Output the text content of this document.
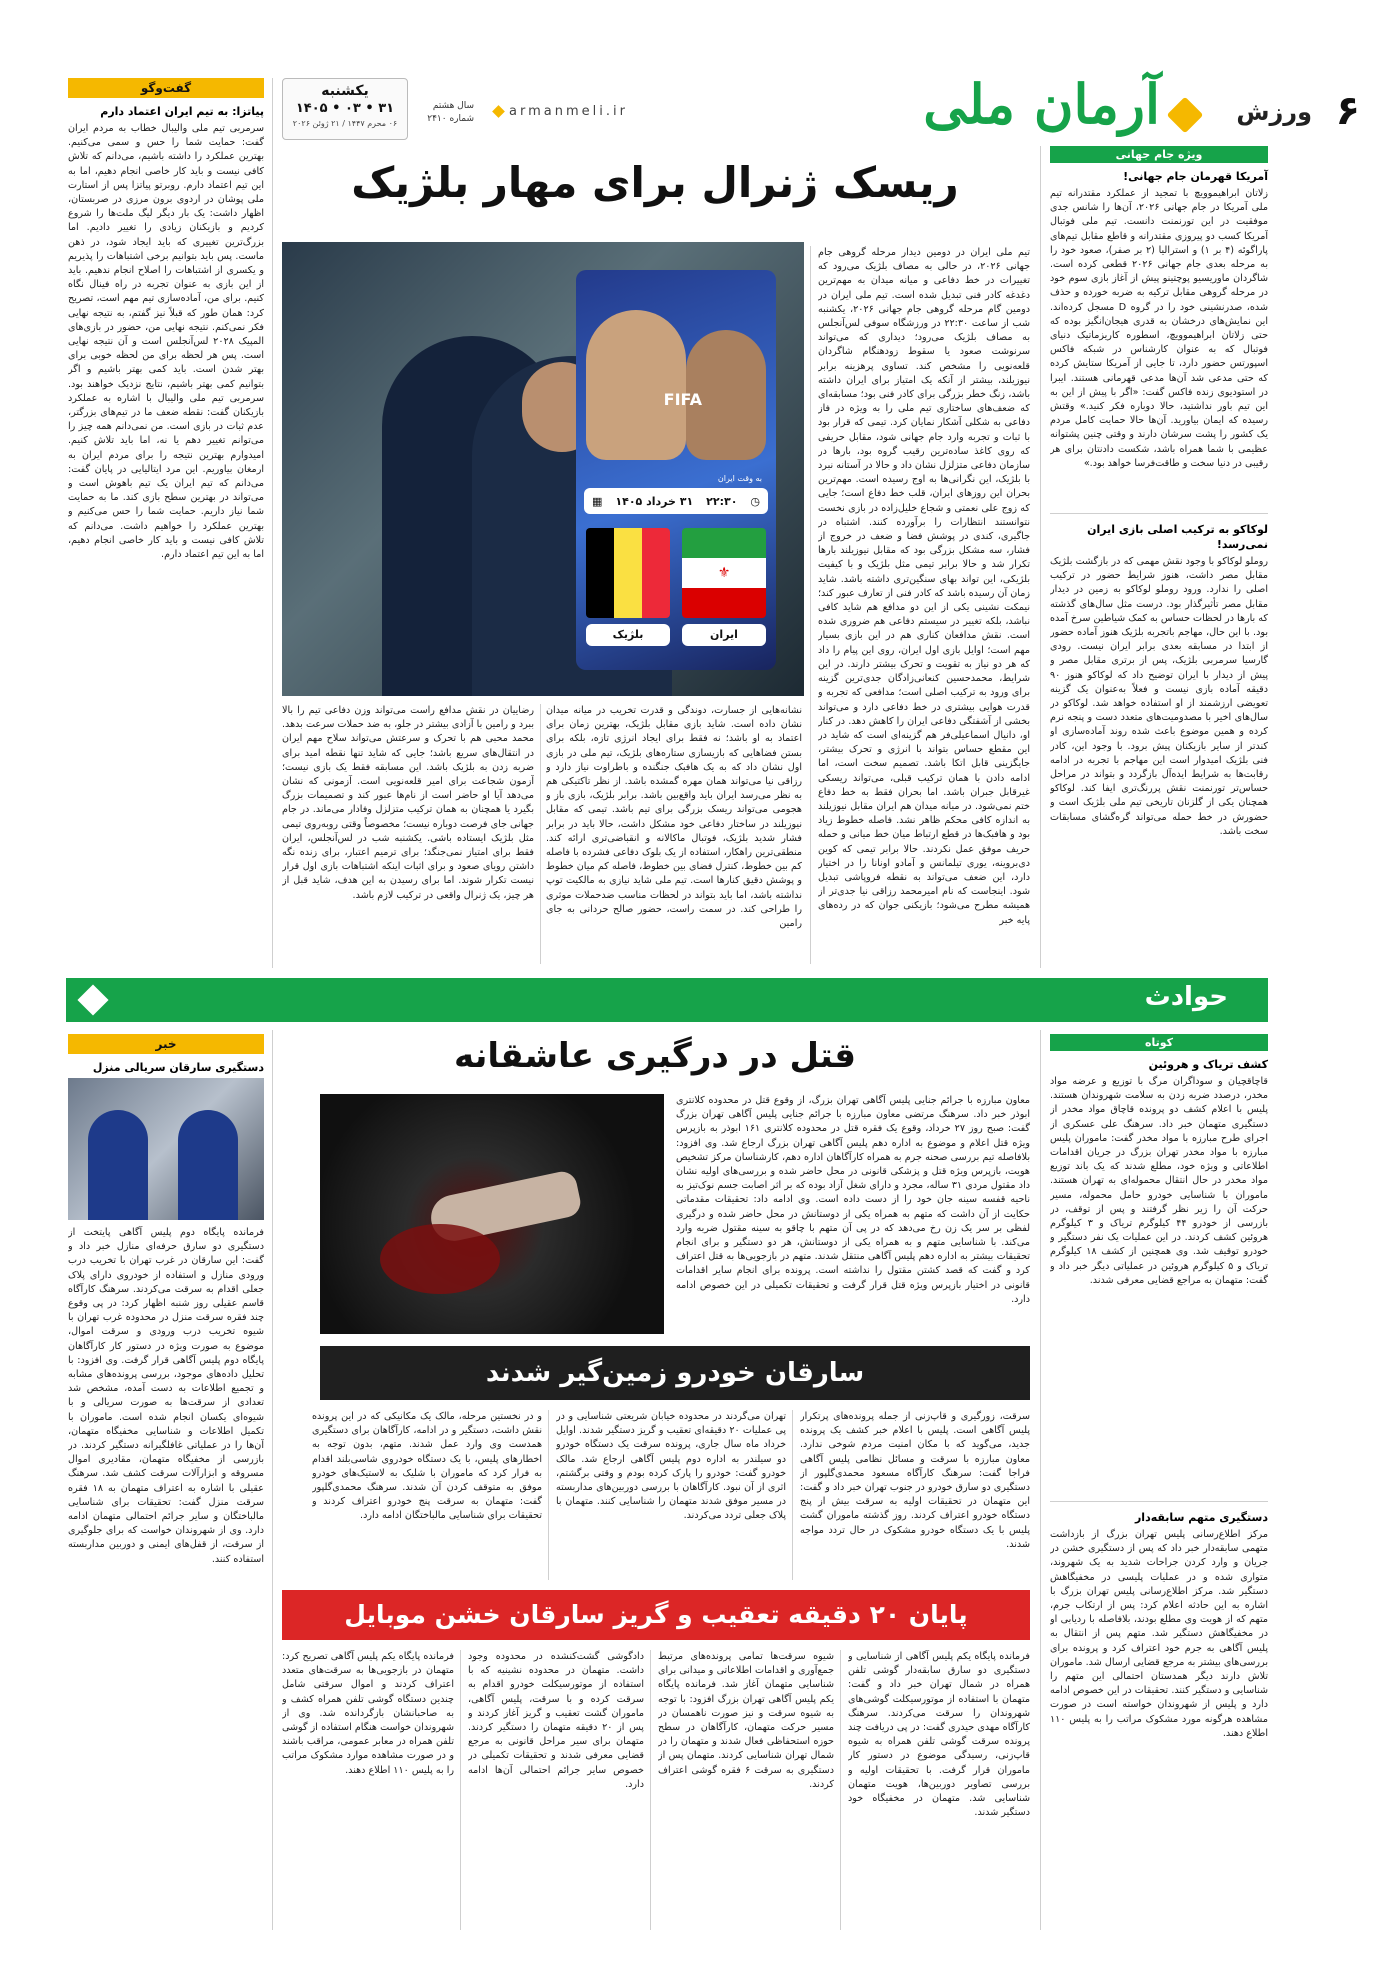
۶
ورزش
آرمان ملی
armanmeli.ir
سال هشتم
شماره ۲۴۱۰
یکشنبه
۳۱ • ۰۳ • ۱۴۰۵
۰۶ محرم ۱۴۴۷ / ۲۱ ژوئن ۲۰۲۶
ویژه جام جهانی
آمریکا قهرمان جام جهانی!
زلاتان ابراهیموویچ با تمجید از عملکرد مقتدرانه تیم ملی آمریکا در جام جهانی ۲۰۲۶، آن‌ها را شانس جدی موفقیت در این تورنمنت دانست. تیم ملی فوتبال آمریکا کسب دو پیروزی مقتدرانه و قاطع مقابل تیم‌های پاراگوئه (۴ بر ۱) و استرالیا (۲ بر صفر)، صعود خود را به مرحله بعدی جام جهانی ۲۰۲۶ قطعی کرده است. شاگردان ماوریسیو پوچتینو پیش از آغاز بازی سوم خود در مرحله گروهی مقابل ترکیه به ضربه خورده و حذف شده، صدرنشینی خود را در گروه D مسجل کرده‌اند. این نمایش‌های درخشان به قدری هیجان‌انگیز بوده که حتی زلاتان ابراهیموویچ، اسطوره کاریزماتیک دنیای فوتبال که به عنوان کارشناس در شبکه فاکس اسپورتس حضور دارد، تا جایی از آمریکا ستایش کرده که حتی مدعی شد آن‌ها مدعی قهرمانی هستند. ایبرا در استودیوی زنده فاکس گفت: «اگر با پیش از این به این تیم باور نداشتید، حالا دوباره فکر کنید.» وقتش رسیده که ایمان بیاورید. آن‌ها حالا حمایت کامل مردم یک کشور را پشت سرشان دارند و وقتی چنین پشتوانه عظیمی با شما همراه باشد، شکست دادنتان برای هر رقیبی در دنیا سخت و طاقت‌فرسا خواهد بود.»
لوکاکو به ترکیب اصلی بازی ایران نمی‌رسد!
روملو لوکاکو با وجود نقش مهمی که در بازگشت بلژیک مقابل مصر داشت، هنوز شرایط حضور در ترکیب اصلی را ندارد. ورود روملو لوکاکو به زمین در دیدار مقابل مصر تأثیرگذار بود. درست مثل سال‌های گذشته که بارها در لحظات حساس به کمک شیاطین سرخ آمده بود. با این حال، مهاجم باتجربه بلژیک هنوز آماده حضور از ابتدا در مسابقه بعدی برابر ایران نیست. رودی گارسیا سرمربی بلژیک، پس از برتری مقابل مصر و پیش از دیدار با ایران توضیح داد که لوکاکو هنوز ۹۰ دقیقه آماده بازی نیست و فعلاً به‌عنوان یک گزینه تعویضی ارزشمند از او استفاده خواهد شد. لوکاکو در سال‌های اخیر با مصدومیت‌های متعدد دست و پنجه نرم کرده و همین موضوع باعث شده روند آماده‌سازی او کندتر از سایر بازیکنان پیش برود. با وجود این، کادر فنی بلژیک امیدوار است این مهاجم با تجربه در ادامه رقابت‌ها به شرایط ایده‌آل بازگردد و بتواند در مراحل حساس‌تر تورنمنت نقش پررنگ‌تری ایفا کند. لوکاکو همچنان یکی از گلزنان تاریخی تیم ملی بلژیک است و حضورش در خط حمله می‌تواند گره‌گشای مسابقات سخت باشد.
ریسک ژنرال برای مهار بلژیک
FIFA
◷
۲۲:۳۰
۳۱ خرداد ۱۴۰۵
▦
به وقت ایران
⚜
ایران
بلژیک
تیم ملی ایران در دومین دیدار مرحله گروهی جام جهانی ۲۰۲۶، در حالی به مصاف بلژیک می‌رود که تغییرات در خط دفاعی و میانه میدان به مهم‌ترین دغدغه کادر فنی تبدیل شده است. تیم ملی ایران در دومین گام مرحله گروهی جام جهانی ۲۰۲۶، یکشنبه شب از ساعت ۲۲:۳۰ در ورزشگاه سوفی لس‌آنجلس به مصاف بلژیک می‌رود؛ دیداری که می‌تواند سرنوشت صعود یا سقوط زودهنگام شاگردان قلعه‌نویی را مشخص کند. تساوی پرهزینه برابر نیوزیلند، بیشتر از آنکه یک امتیاز برای ایران داشته باشد، زنگ خطر بزرگی برای کادر فنی بود؛ مسابقه‌ای که ضعف‌های ساختاری تیم ملی را به ویژه در فاز دفاعی به شکلی آشکار نمایان کرد. تیمی که قرار بود با ثبات و تجربه وارد جام جهانی شود، مقابل حریفی که روی کاغذ ساده‌ترین رقیب گروه بود، بارها در سازمان دفاعی متزلزل نشان داد و حالا در آستانه نبرد با بلژیک، این نگرانی‌ها به اوج رسیده است. مهم‌ترین بحران این روزهای ایران، قلب خط دفاع است؛ جایی که زوج علی نعمتی و شجاع خلیل‌زاده در بازی نخست نتوانستند انتظارات را برآورده کنند. اشتباه در جاگیری، کندی در پوشش فضا و ضعف در خروج از فشار، سه مشکل بزرگی بود که مقابل نیوزیلند بارها تکرار شد و حالا برابر تیمی مثل بلژیک و با کیفیت بلژیکی، این تواند بهای سنگین‌تری داشته باشد. شاید زمان آن رسیده باشد که کادر فنی از تعارف عبور کند؛ نیمکت نشینی یکی از این دو مدافع هم شاید کافی نباشد، بلکه تغییر در سیستم دفاعی هم ضروری شده است. نقش مدافعان کناری هم در این بازی بسیار مهم است؛ اوایل بازی اول ایران، روی این پیام را داد که هر دو نیاز به تقویت و تحرک بیشتر دارند. در این شرایط، محمدحسین کنعانی‌زادگان جدی‌ترین گزینه برای ورود به ترکیب اصلی است؛ مدافعی که تجربه و قدرت هوایی بیشتری در خط دفاعی دارد و می‌تواند بخشی از آشفتگی دفاعی ایران را کاهش دهد. در کنار او، دانیال اسماعیلی‌فر هم گزینه‌ای است که شاید در این مقطع حساس بتواند با انرژی و تحرک بیشتر، جایگزینی قابل اتکا باشد. تصمیم سخت است، اما ادامه دادن با همان ترکیب قبلی، می‌تواند ریسکی غیرقابل جبران باشد. اما بحران فقط به خط دفاع ختم نمی‌شود. در میانه میدان هم ایران مقابل نیوزیلند به اندازه کافی محکم ظاهر نشد. فاصله خطوط زیاد بود و هافبک‌ها در قطع ارتباط میان خط میانی و حمله حریف موفق عمل نکردند. حالا برابر تیمی که کوین دی‌بروینه، یوری تیلمانس و آمادو اونانا را در اختیار دارد، این ضعف می‌تواند به نقطه فروپاشی تبدیل شود. اینجاست که نام امیرمحمد رزاقی نیا جدی‌تر از همیشه مطرح می‌شود؛ بازیکنی جوان که در رده‌های پایه خبر
نشانه‌هایی از جسارت، دوندگی و قدرت تخریب در میانه میدان نشان داده است. شاید بازی مقابل بلژیک، بهترین زمان برای اعتماد به او باشد؛ نه فقط برای ایجاد انرژی تازه، بلکه برای بستن فضاهایی که بازیسازی ستاره‌های بلژیک، تیم ملی در بازی اول نشان داد که به یک هافبک جنگنده و باطراوت نیاز دارد و رزاقی نیا می‌تواند همان مهره گمشده باشد. از نظر تاکتیکی هم به نظر می‌رسد ایران باید واقع‌بین باشد. برابر بلژیک، بازی باز و هجومی می‌تواند ریسک بزرگی برای تیم باشد. تیمی که مقابل نیوزیلند در ساختار دفاعی خود مشکل داشت، حالا باید در برابر فشار شدید بلژیک، فوتبال ماکالانه و انقباضی‌تری ارائه کند. منطقی‌ترین راهکار، استفاده از یک بلوک دفاعی فشرده با فاصله کم بین خطوط، کنترل فضای بین خطوط، فاصله کم میان خطوط و پوشش دقیق کنارها است. تیم ملی شاید نیازی به مالکیت توپ نداشته باشد، اما باید بتواند در لحظات مناسب ضدحملات موثری را طراحی کند. در سمت راست، حضور صالح حردانی به جای رامین
رضاییان در نقش مدافع راست می‌تواند وزن دفاعی تیم را بالا ببرد و رامین با آزادی بیشتر در جلو، به ضد حملات سرعت بدهد. محمد محبی هم با تحرک و سرعتش می‌تواند سلاح مهم ایران در انتقال‌های سریع باشد؛ جایی که شاید تنها نقطه امید برای ضربه زدن به بلژیک باشد. این مسابقه فقط یک بازی نیست؛ آزمون شجاعت برای امیر قلعه‌نویی است. آزمونی که نشان می‌دهد آیا او حاضر است از نام‌ها عبور کند و تصمیمات بزرگ بگیرد یا همچنان به همان ترکیب متزلزل وفادار می‌ماند. در جام جهانی جای فرصت دوباره نیست؛ مخصوصاً وقتی روبه‌روی تیمی مثل بلژیک ایستاده باشی. یکشنبه شب در لس‌آنجلس، ایران فقط برای امتیاز نمی‌جنگد؛ برای ترمیم اعتبار، برای زنده نگه داشتن رویای صعود و برای اثبات اینکه اشتباهات بازی اول قرار نیست تکرار شوند. اما برای رسیدن به این هدف، شاید قبل از هر چیز، یک ژنرال واقعی در ترکیب لازم باشد.
گفت‌وگو
پیاتزا: به تیم ایران اعتماد دارم
سرمربی تیم ملی والیبال خطاب به مردم ایران گفت: حمایت شما را حس و سمی می‌کنیم. بهترین عملکرد را داشته باشیم، می‌دانم که تلاش کافی نیست و باید کار خاصی انجام دهیم، اما به این تیم اعتماد دارم. روبرتو پیاتزا پس از استارت ملی پوشان در اردوی برون مرزی در صربستان، اظهار داشت: یک بار دیگر لیگ ملت‌ها را شروع کردیم و بازیکنان زیادی را تغییر دادیم. اما بزرگ‌ترین تغییری که باید ایجاد شود، در ذهن ماست. پس باید بتوانیم برخی اشتباهات را پذیریم و یکسری از اشتباهات را اصلاح انجام ندهیم. باید از این بازی به عنوان تجربه در راه فینال نگاه کنیم. برای من، آماده‌سازی تیم مهم است، تصریح کرد: همان طور که قبلاً نیز گفتم، به نتیجه نهایی فکر نمی‌کنم. نتیجه نهایی من، حضور در بازی‌های المپیک ۲۰۲۸ لس‌آنجلس است و آن نتیجه نهایی است. پس هر لحظه برای من لحظه خوبی برای بهتر شدن است. باید کمی بهتر باشیم و اگر بتوانیم کمی بهتر باشیم، نتایج نزدیک خواهند بود. سرمربی تیم ملی والیبال با اشاره به عملکرد بازیکنان گفت: نقطه ضعف ما در تیم‌های بزرگتر، عدم ثبات در بازی است. من نمی‌دانم همه چیز را می‌توانم تغییر دهم یا نه، اما باید تلاش کنیم. امیدوارم بهترین نتیجه را برای مردم ایران به ارمغان بیاوریم. این مرد ایتالیایی در پایان گفت: می‌دانم که تیم ایران یک تیم باهوش است و می‌تواند در بهترین سطح بازی کند. ما به حمایت شما نیاز داریم. حمایت شما را حس می‌کنیم و بهترین عملکرد را خواهیم داشت. می‌دانم که تلاش کافی نیست و باید کار خاصی انجام دهیم، اما به این تیم اعتماد دارم.
حوادث
کوتاه
کشف تریاک و هروئین
قاچاقچیان و سوداگران مرگ با توزیع و عرضه مواد مخدر، درصدد ضربه زدن به سلامت شهروندان هستند. پلیس با اعلام کشف دو پرونده قاچاق مواد مخدر از دستگیری متهمان خبر داد. سرهنگ علی عسکری از اجرای طرح مبارزه با مواد مخدر گفت: ماموران پلیس مبارزه با مواد مخدر تهران بزرگ در جریان اقدامات اطلاعاتی و ویژه خود، مطلع شدند که یک باند توزیع مواد مخدر در حال انتقال محموله‌ای به تهران هستند. ماموران با شناسایی خودرو حامل محموله، مسیر حرکت آن را زیر نظر گرفتند و پس از توقف، در بازرسی از خودرو ۴۴ کیلوگرم تریاک و ۳ کیلوگرم هروئین کشف کردند. در این عملیات یک نفر دستگیر و خودرو توقیف شد. وی همچنین از کشف ۱۸ کیلوگرم تریاک و ۵ کیلوگرم هروئین در عملیاتی دیگر خبر داد و گفت: متهمان به مراجع قضایی معرفی شدند.
دستگیری متهم سابقه‌دار
مرکز اطلاع‌رسانی پلیس تهران بزرگ از بازداشت متهمی سابقه‌دار خبر داد که پس از دستگیری خشن در جریان و وارد کردن جراحات شدید به یک شهروند، متواری شده و در عملیات پلیسی در مخفیگاهش دستگیر شد. مرکز اطلاع‌رسانی پلیس تهران بزرگ با اشاره به این حادثه اعلام کرد: پس از ارتکاب جرم، متهم که از هویت وی مطلع بودند، بلافاصله با ردیابی او در مخفیگاهش دستگیر شد. متهم پس از انتقال به پلیس آگاهی به جرم خود اعتراف کرد و پرونده برای بررسی‌های بیشتر به مرجع قضایی ارسال شد. ماموران تلاش دارند دیگر همدستان احتمالی این متهم را شناسایی و دستگیر کنند. تحقیقات در این خصوص ادامه دارد و پلیس از شهروندان خواسته است در صورت مشاهده هرگونه مورد مشکوک مراتب را به پلیس ۱۱۰ اطلاع دهند.
قتل در درگیری عاشقانه
معاون مبارزه با جرائم جنایی پلیس آگاهی تهران بزرگ، از وقوع قتل در محدوده کلانتری ابوذر خبر داد. سرهنگ مرتضی معاون مبارزه با جرائم جنایی پلیس آگاهی تهران بزرگ گفت: صبح روز ۲۷ خرداد، وقوع یک فقره قتل در محدوده کلانتری ۱۶۱ ابوذر به بازپرس ویژه قتل اعلام و موضوع به اداره دهم پلیس آگاهی تهران بزرگ ارجاع شد. وی افزود: بلافاصله تیم بررسی صحنه جرم به همراه کارآگاهان اداره دهم، کارشناسان مرکز تشخیص هویت، بازپرس ویژه قتل و پزشکی قانونی در محل حاضر شده و بررسی‌های اولیه نشان داد مقتول مردی ۳۱ ساله، مجرد و دارای شغل آزاد بوده که بر اثر اصابت جسم نوک‌تیز به ناحیه قفسه سینه جان خود را از دست داده است. وی ادامه داد: تحقیقات مقدماتی حکایت از آن داشت که متهم به همراه یکی از دوستانش در محل حاضر شده و درگیری لفظی بر سر یک زن رخ می‌دهد که در پی آن متهم با چاقو به سینه مقتول ضربه وارد می‌کند. با شناسایی متهم و به همراه یکی از دوستانش، هر دو دستگیر و برای انجام تحقیقات بیشتر به اداره دهم پلیس آگاهی منتقل شدند. متهم در بازجویی‌ها به قتل اعتراف کرد و گفت که قصد کشتن مقتول را نداشته است. پرونده برای انجام سایر اقدامات قانونی در اختیار بازپرس ویژه قتل قرار گرفت و تحقیقات تکمیلی در این خصوص ادامه دارد.
خبر
دستگیری سارقان سریالی منزل
فرمانده پایگاه دوم پلیس آگاهی پایتخت از دستگیری دو سارق حرفه‌ای منازل خبر داد و گفت: این سارقان در غرب تهران با تخریب درب ورودی منازل و استفاده از خودروی دارای پلاک جعلی اقدام به سرقت می‌کردند. سرهنگ کارآگاه قاسم عقیلی روز شنبه اظهار کرد: در پی وقوع چند فقره سرقت منزل در محدوده غرب تهران با شیوه تخریب درب ورودی و سرقت اموال، موضوع به صورت ویژه در دستور کار کارآگاهان پایگاه دوم پلیس آگاهی قرار گرفت. وی افزود: با تحلیل داده‌های موجود، بررسی پرونده‌های مشابه و تجمیع اطلاعات به دست آمده، مشخص شد تعدادی از سرقت‌ها به صورت سریالی و با شیوه‌ای یکسان انجام شده است. ماموران با تکمیل اطلاعات و شناسایی مخفیگاه متهمان، آن‌ها را در عملیاتی غافلگیرانه دستگیر کردند. در بازرسی از مخفیگاه متهمان، مقادیری اموال مسروقه و ابزارآلات سرقت کشف شد. سرهنگ عقیلی با اشاره به اعتراف متهمان به ۱۸ فقره سرقت منزل گفت: تحقیقات برای شناسایی مالباختگان و سایر جرائم احتمالی متهمان ادامه دارد. وی از شهروندان خواست که برای جلوگیری از سرقت، از قفل‌های ایمنی و دوربین مداربسته استفاده کنند.
سارقان خودرو زمین‌گیر شدند
سرقت، زورگیری و قاپ‌زنی از جمله پرونده‌های پرتکرار پلیس آگاهی است. پلیس با اعلام خبر کشف یک پرونده جدید، می‌گوید که با مکان امنیت مردم شوخی ندارد. معاون مبارزه با سرقت و مسائل نظامی پلیس آگاهی فراجا گفت: سرهنگ کارآگاه مسعود محمدی‌گلپور از دستگیری دو سارق خودرو در جنوب تهران خبر داد و گفت: این متهمان در تحقیقات اولیه به سرقت بیش از پنج دستگاه خودرو اعتراف کردند. روز گذشته ماموران گشت پلیس با یک دستگاه خودرو مشکوک در حال تردد مواجه شدند.
تهران می‌گردند در محدوده خیابان شریعتی شناسایی و در پی عملیات ۲۰ دقیقه‌ای تعقیب و گریز دستگیر شدند. اوایل خرداد ماه سال جاری، پرونده سرقت یک دستگاه خودرو دو سیلندر به اداره دوم پلیس آگاهی ارجاع شد. مالک خودرو گفت: خودرو را پارک کرده بودم و وقتی برگشتم، اثری از آن نبود. کارآگاهان با بررسی دوربین‌های مداربسته در مسیر موفق شدند متهمان را شناسایی کنند. متهمان با پلاک جعلی تردد می‌کردند.
و در نخستین مرحله، مالک یک مکانیکی که در این پرونده نقش داشت، دستگیر و در ادامه، کارآگاهان برای دستگیری همدست وی وارد عمل شدند. متهم، بدون توجه به اخطارهای پلیس، با یک دستگاه خودروی شاسی‌بلند اقدام به فرار کرد که ماموران با شلیک به لاستیک‌های خودرو موفق به متوقف کردن آن شدند. سرهنگ محمدی‌گلپور گفت: متهمان به سرقت پنج خودرو اعتراف کردند و تحقیقات برای شناسایی مالباختگان ادامه دارد.
پایان ۲۰ دقیقه تعقیب و گریز سارقان خشن موبایل
فرمانده پایگاه یکم پلیس آگاهی از شناسایی و دستگیری دو سارق سابقه‌دار گوشی تلفن همراه در شمال تهران خبر داد و گفت: متهمان با استفاده از موتورسیکلت گوشی‌های شهروندان را سرقت می‌کردند. سرهنگ کارآگاه مهدی حیدری گفت: در پی دریافت چند پرونده سرقت گوشی تلفن همراه به شیوه قاپ‌زنی، رسیدگی موضوع در دستور کار ماموران قرار گرفت. با تحقیقات اولیه و بررسی تصاویر دوربین‌ها، هویت متهمان شناسایی شد. متهمان در مخفیگاه خود دستگیر شدند.
شیوه سرقت‌ها تمامی پرونده‌های مرتبط جمع‌آوری و اقدامات اطلاعاتی و میدانی برای شناسایی متهمان آغاز شد. فرمانده پایگاه یکم پلیس آگاهی تهران بزرگ افزود: با توجه به شیوه سرقت و نیز صورت ناهمسان در مسیر حرکت متهمان، کارآگاهان در سطح حوزه استحفاظی فعال شدند و متهمان را در شمال تهران شناسایی کردند. متهمان پس از دستگیری به سرقت ۶ فقره گوشی اعتراف کردند.
دادگوشی گشت‌کنشده در محدوده وجود داشت. متهمان در محدوده نشینیه که با استفاده از موتورسیکلت خودرو اقدام به سرقت کرده و با سرقت، پلیس آگاهی، ماموران گشت تعقیب و گریز آغاز کردند و پس از ۲۰ دقیقه متهمان را دستگیر کردند. متهمان برای سیر مراحل قانونی به مرجع قضایی معرفی شدند و تحقیقات تکمیلی در خصوص سایر جرائم احتمالی آن‌ها ادامه دارد.
فرمانده پایگاه یکم پلیس آگاهی تصریح کرد: متهمان در بازجویی‌ها به سرقت‌های متعدد اعتراف کردند و اموال سرقتی شامل چندین دستگاه گوشی تلفن همراه کشف و به صاحبانشان بازگردانده شد. وی از شهروندان خواست هنگام استفاده از گوشی تلفن همراه در معابر عمومی، مراقب باشند و در صورت مشاهده موارد مشکوک مراتب را به پلیس ۱۱۰ اطلاع دهند.
